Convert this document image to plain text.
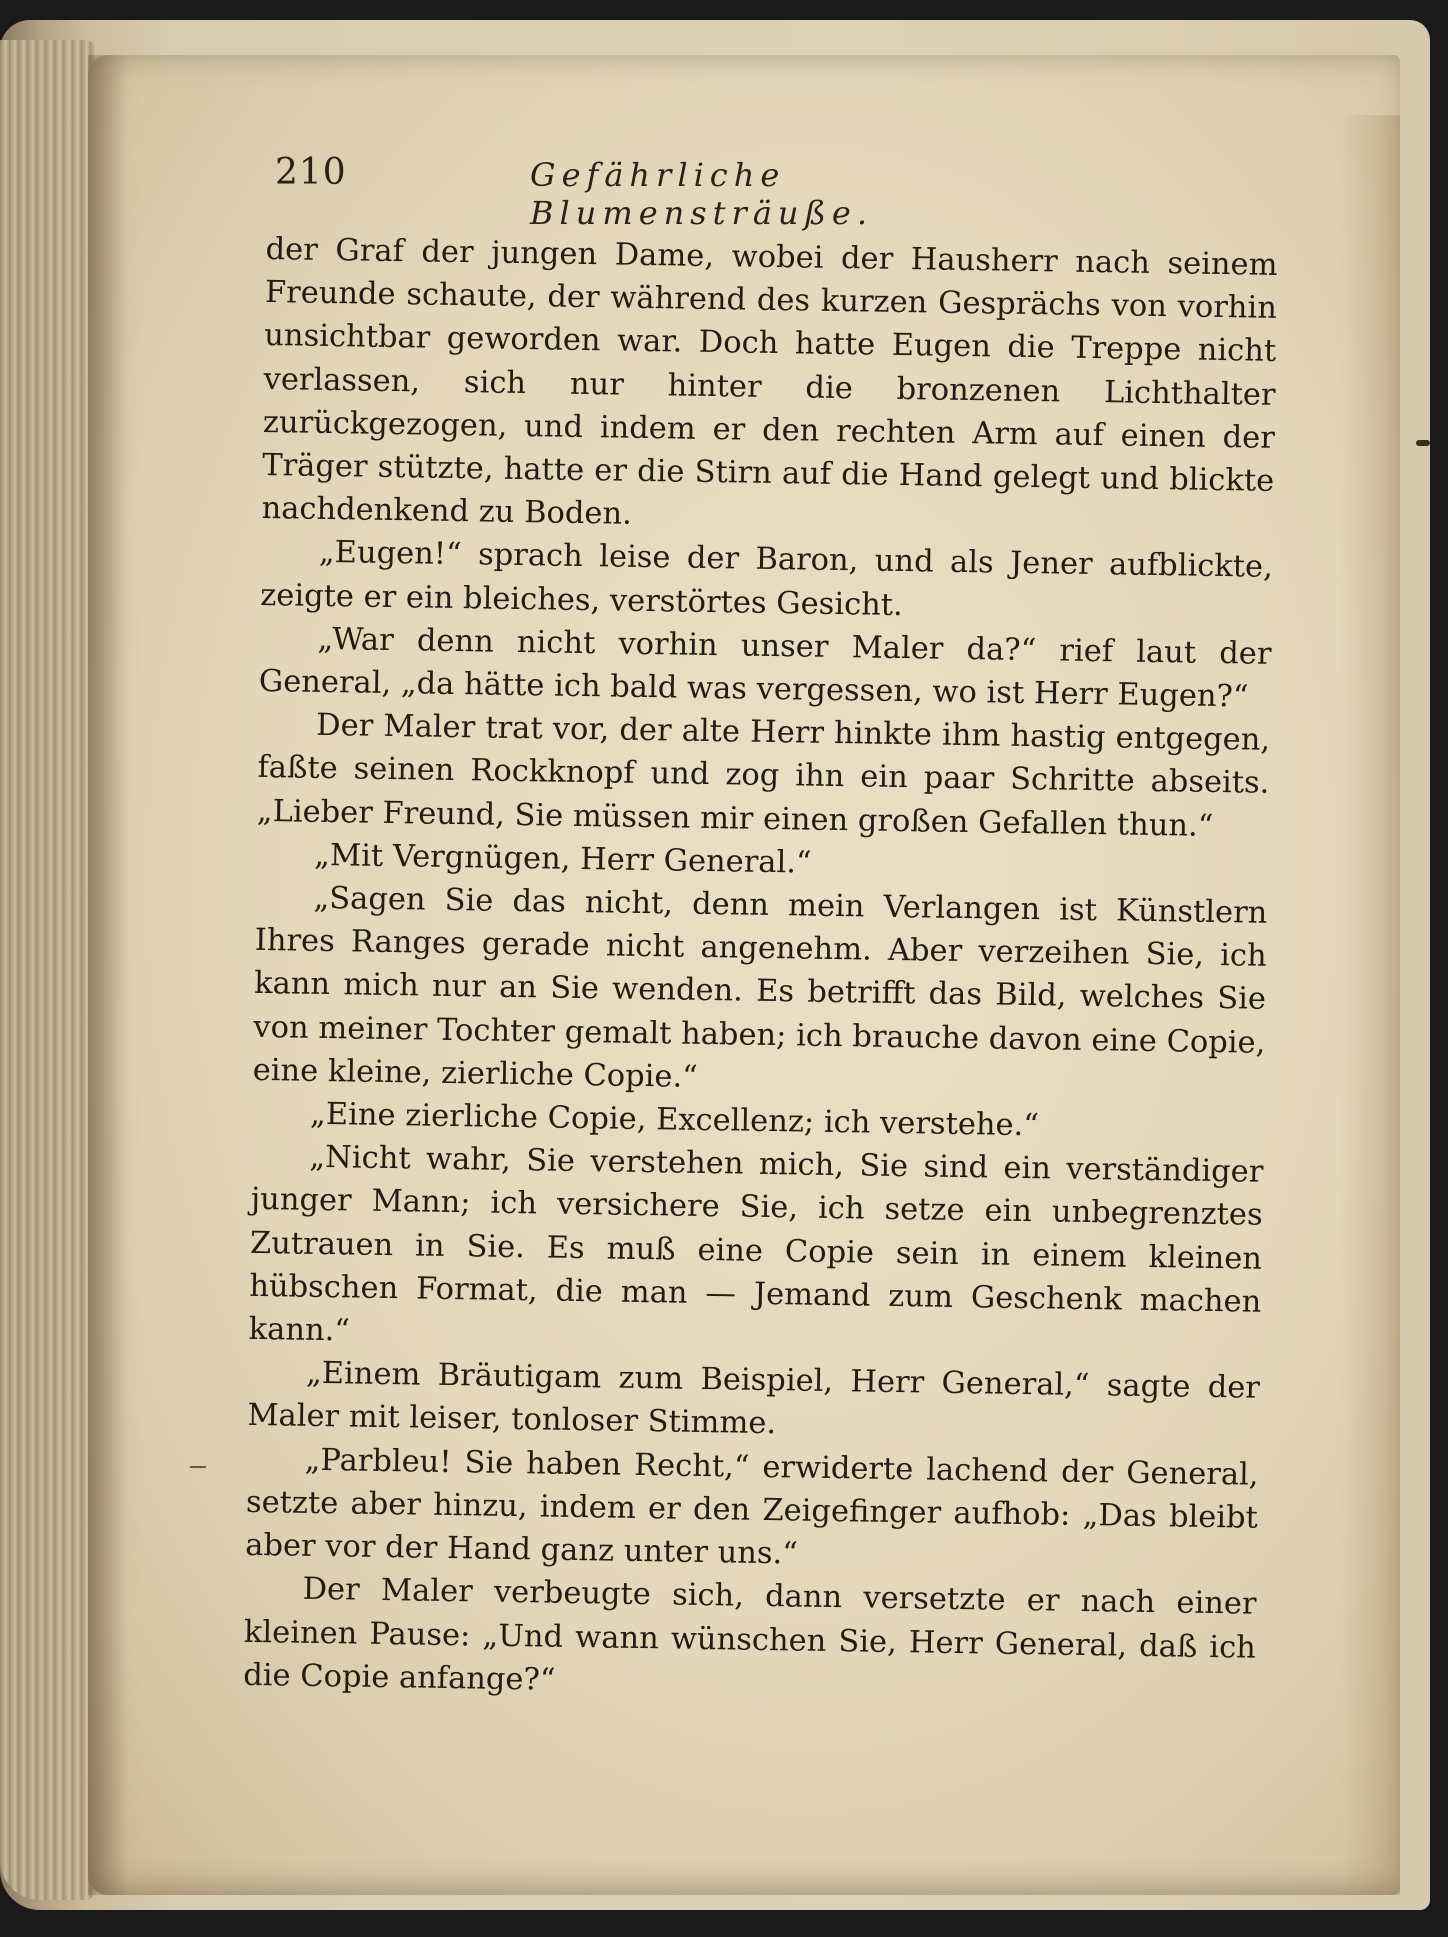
210	Gefährliche Blumensträuße.

der Graf der jungen Dame, wobei der Hausherr nach seinem Freunde schaute, der während des kurzen Gesprächs von vorhin unsichtbar geworden war. Doch hatte Eugen die Treppe nicht verlassen, sich nur hinter die bronzenen Lichthalter zurückgezogen, und indem er den rechten Arm auf einen der Träger stützte, hatte er die Stirn auf die Hand gelegt und blickte nachdenkend zu Boden.

„Eugen!“ sprach leise der Baron, und als Jener aufblickte, zeigte er ein bleiches, verstörtes Gesicht.

„War denn nicht vorhin unser Maler da?“ rief laut der General, „da hätte ich bald was vergessen, wo ist Herr Eugen?“

Der Maler trat vor, der alte Herr hinkte ihm hastig entgegen, faßte seinen Rockknopf und zog ihn ein paar Schritte abseits. „Lieber Freund, Sie müssen mir einen großen Gefallen thun.“

„Mit Vergnügen, Herr General.“

„Sagen Sie das nicht, denn mein Verlangen ist Künstlern Ihres Ranges gerade nicht angenehm. Aber verzeihen Sie, ich kann mich nur an Sie wenden. Es betrifft das Bild, welches Sie von meiner Tochter gemalt haben; ich brauche davon eine Copie, eine kleine, zierliche Copie.“

„Eine zierliche Copie, Excellenz; ich verstehe.“

„Nicht wahr, Sie verstehen mich, Sie sind ein verständiger junger Mann; ich versichere Sie, ich setze ein unbegrenztes Zutrauen in Sie. Es muß eine Copie sein in einem kleinen hübschen Format, die man — Jemand zum Geschenk machen kann.“

„Einem Bräutigam zum Beispiel, Herr General,“ sagte der Maler mit leiser, tonloser Stimme.

„Parbleu! Sie haben Recht,“ erwiderte lachend der General, setzte aber hinzu, indem er den Zeigefinger aufhob: „Das bleibt aber vor der Hand ganz unter uns.“

Der Maler verbeugte sich, dann versetzte er nach einer kleinen Pause: „Und wann wünschen Sie, Herr General, daß ich die Copie anfange?“
